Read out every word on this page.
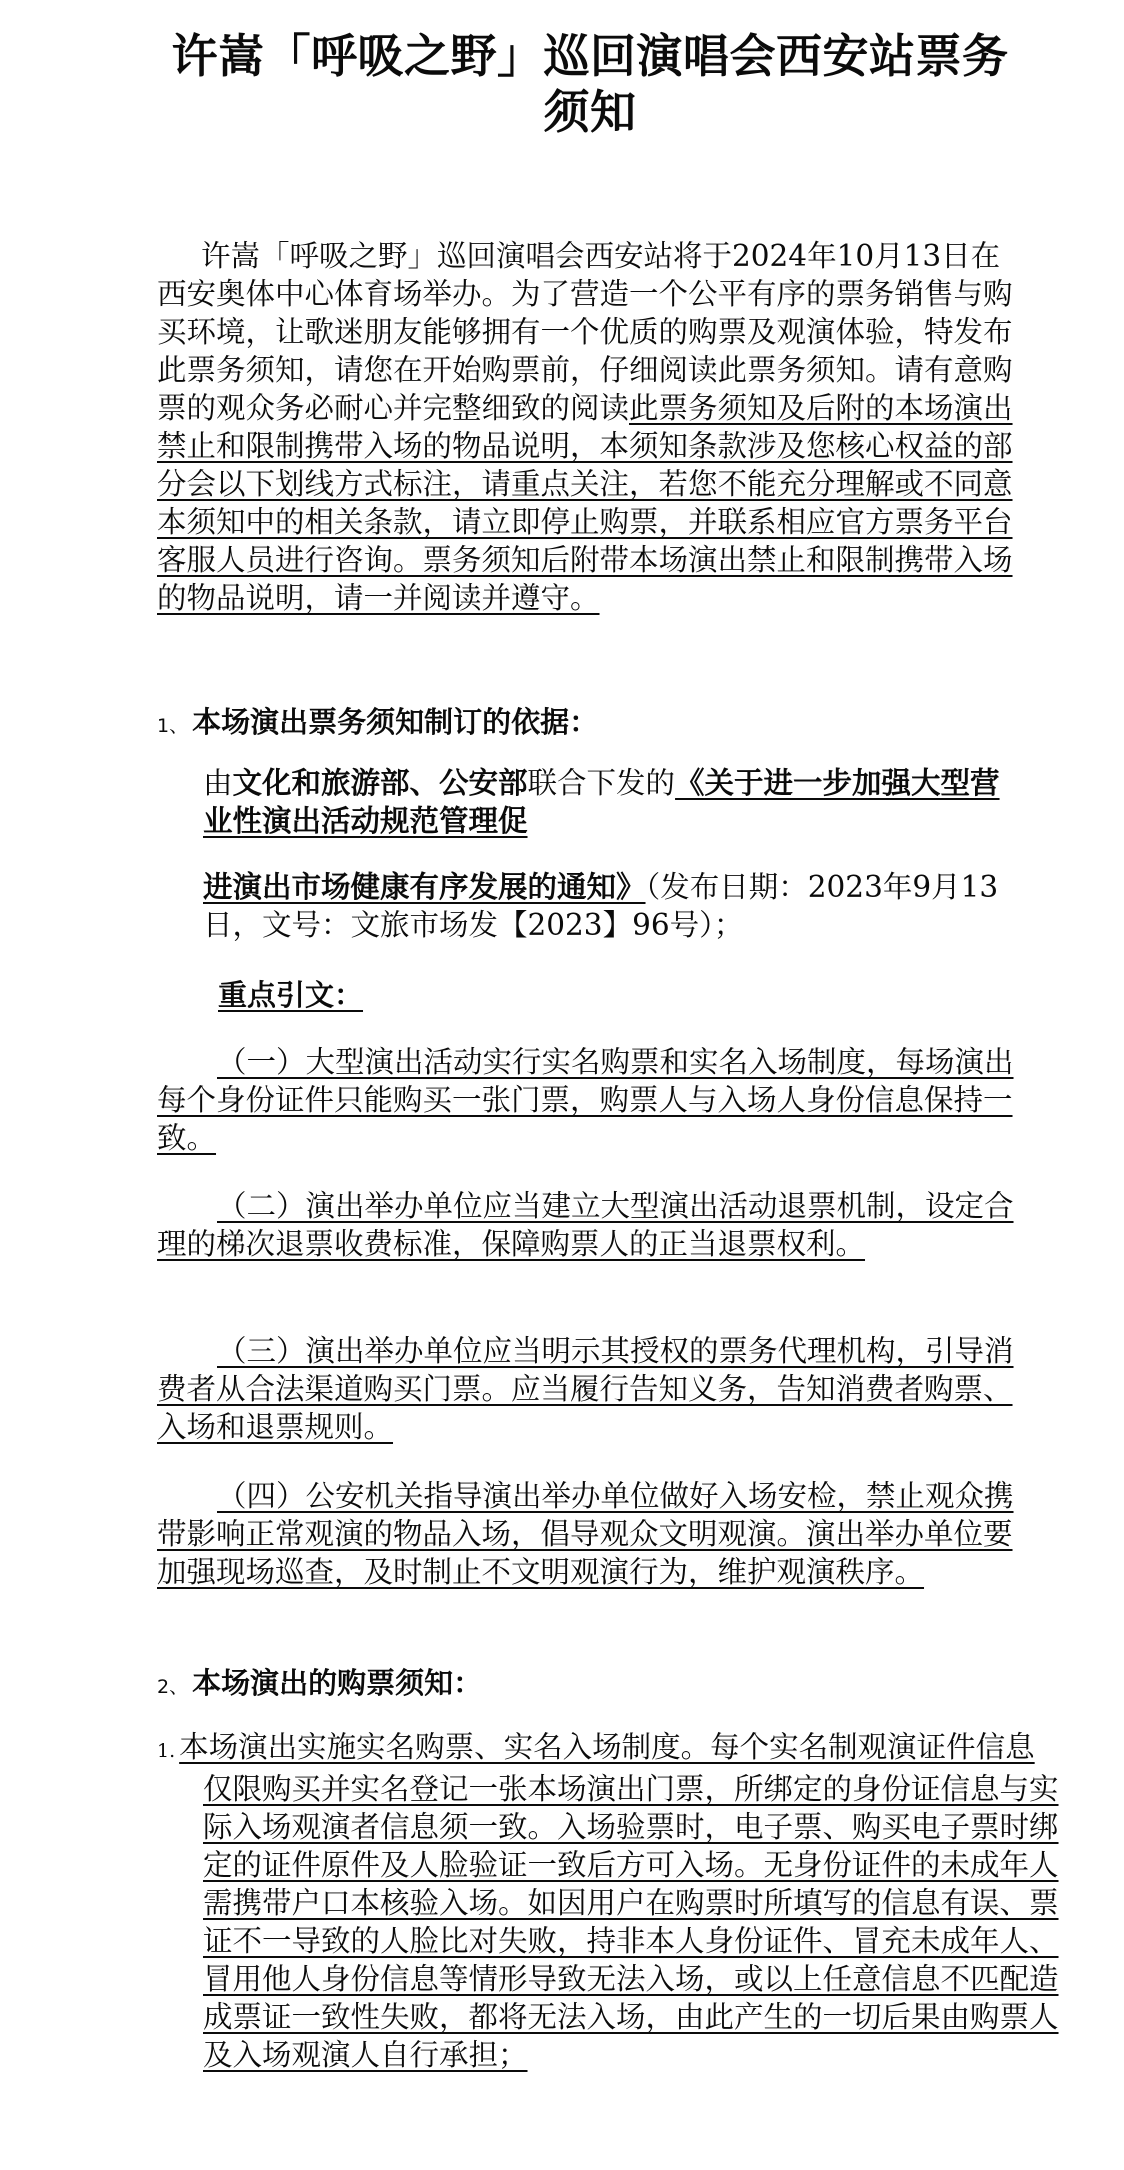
许嵩「呼吸之野」巡回演唱会西安站票务须知

许嵩「呼吸之野」巡回演唱会西安站将于2024年10月13日在西安奥体中心体育场举办。为了营造一个公平有序的票务销售与购买环境，让歌迷朋友能够拥有一个优质的购票及观演体验，特发布此票务须知，请您在开始购票前，仔细阅读此票务须知。请有意购票的观众务必耐心并完整细致的阅读此票务须知及后附的本场演出禁止和限制携带入场的物品说明，本须知条款涉及您核心权益的部分会以下划线方式标注，请重点关注，若您不能充分理解或不同意本须知中的相关条款，请立即停止购票，并联系相应官方票务平台客服人员进行咨询。票务须知后附带本场演出禁止和限制携带入场的物品说明，请一并阅读并遵守。

1、 本场演出票务须知制订的依据：

由文化和旅游部、公安部联合下发的《关于进一步加强大型营业性演出活动规范管理促

进演出市场健康有序发展的通知》（发布日期：2023年9月13日，文号：文旅市场发【2023】96号）；

重点引文：

（一）大型演出活动实行实名购票和实名入场制度，每场演出每个身份证件只能购买一张门票，购票人与入场人身份信息保持一致。

（二）演出举办单位应当建立大型演出活动退票机制，设定合理的梯次退票收费标准，保障购票人的正当退票权利。

（三）演出举办单位应当明示其授权的票务代理机构，引导消费者从合法渠道购买门票。应当履行告知义务，告知消费者购票、入场和退票规则。

（四）公安机关指导演出举办单位做好入场安检，禁止观众携带影响正常观演的物品入场，倡导观众文明观演。演出举办单位要加强现场巡查，及时制止不文明观演行为，维护观演秩序。

2、 本场演出的购票须知：

1. 本场演出实施实名购票、实名入场制度。每个实名制观演证件信息仅限购买并实名登记一张本场演出门票，所绑定的身份证信息与实际入场观演者信息须一致。入场验票时，电子票、购买电子票时绑定的证件原件及人脸验证一致后方可入场。无身份证件的未成年人需携带户口本核验入场。如因用户在购票时所填写的信息有误、票证不一导致的人脸比对失败，持非本人身份证件、冒充未成年人、冒用他人身份信息等情形导致无法入场，或以上任意信息不匹配造成票证一致性失败，都将无法入场，由此产生的一切后果由购票人及入场观演人自行承担；
